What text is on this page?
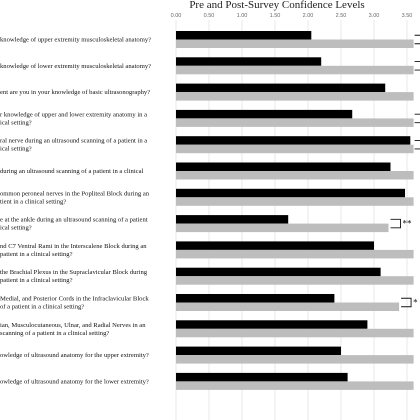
Pre and Post-Survey Confidence Levels
0.00	0.50	1.00	1.50	2.00	2.50	3.00	3.50
knowledge of upper extremity musculoskeletal anatomy?
knowledge of lower extremity musculoskeletal anatomy?
ent are you in your knowledge of basic ultrasonography?
r knowledge of upper and lower extremity anatomy in a
ical setting?
ral nerve during an ultrasound scanning of a patient in a
ical setting?
during an ultrasound scanning of a patient in a clinical
ommon peroneal nerves in the Popliteal Block during an
tient in a clinical setting?
e at the ankle during an ultrasound scanning of a patient
ical setting?
nd C7 Ventral Rami in the Interscalene Block during an
patient in a clinical setting?
the Brachial Plexus in the Supraclavicular Block during
patient in a clinical setting?
Medial, and Posterior Cords in the Infraclavicular Block
of a patient in a clinical setting?
ian, Musculocutaneous, Ulnar, and Radial Nerves in an
scanning of a patient in a clinical setting?
owledge of ultrasound anatomy for the upper extremity?
owledge of ultrasound anatomy for the lower extremity?
**
*
